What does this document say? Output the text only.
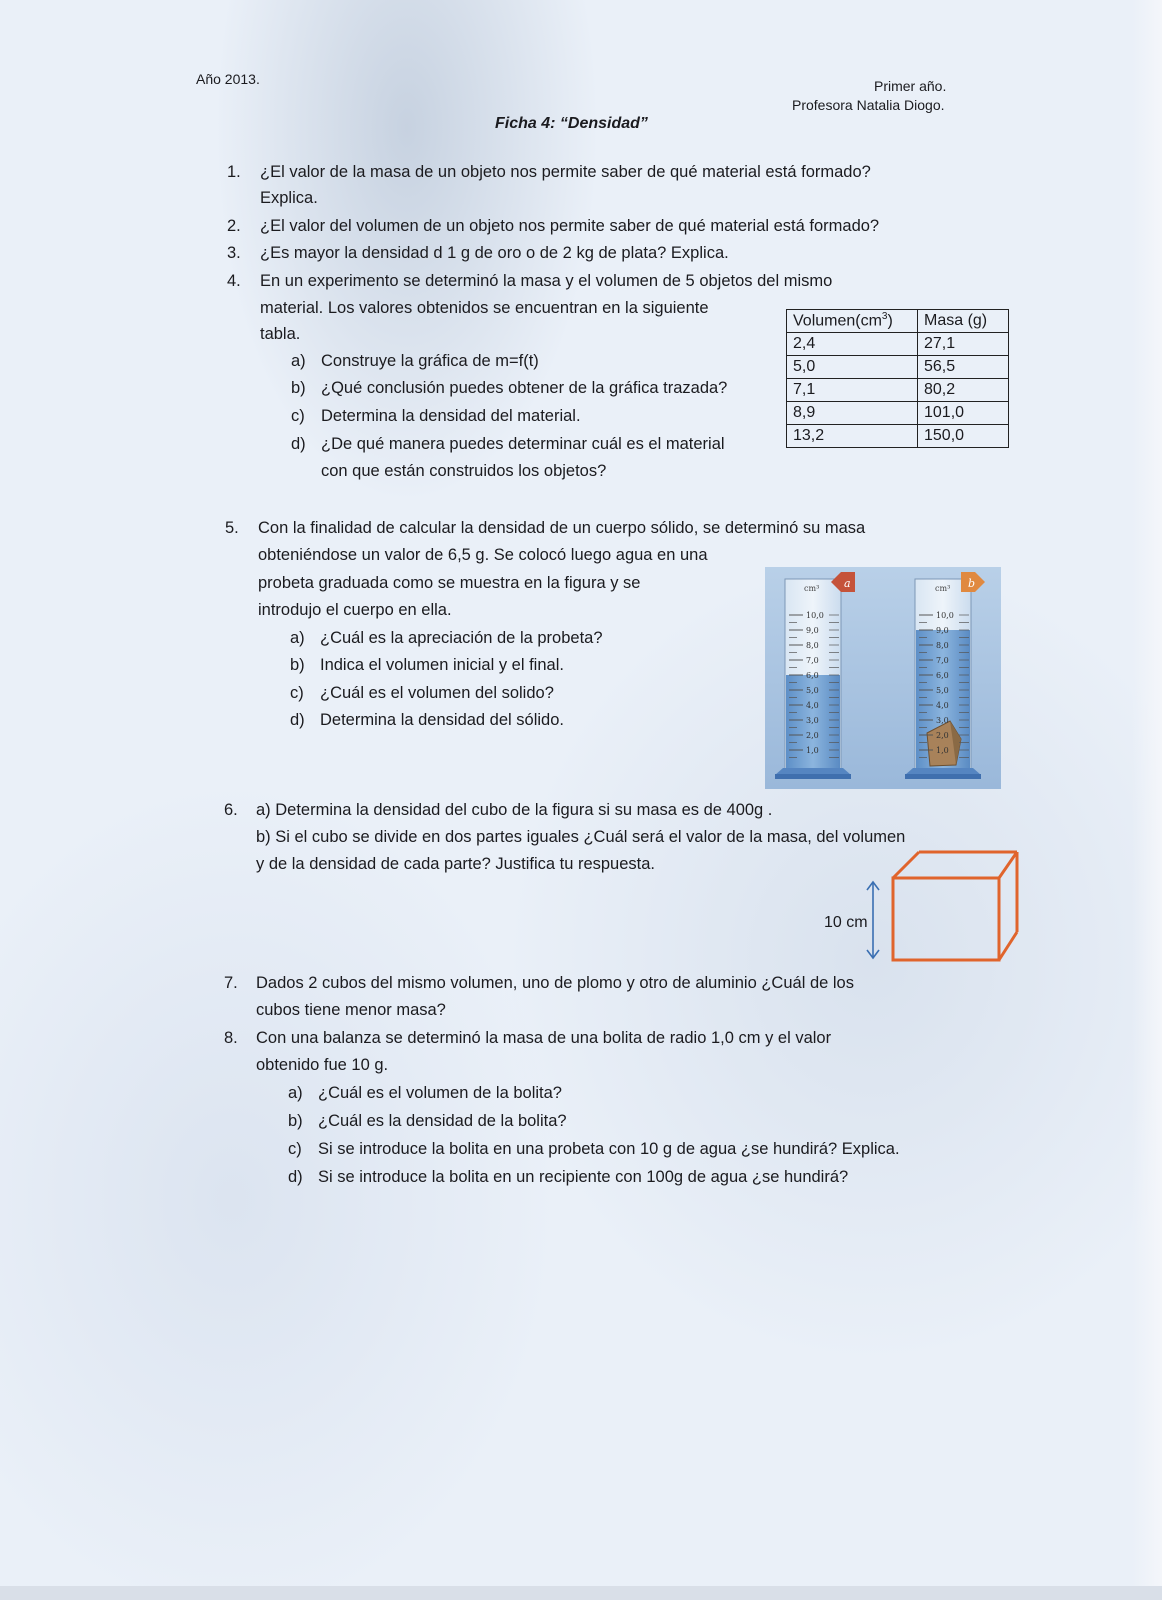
Año 2013.	Primer año.
Profesora Natalia Diogo.
Ficha 4: “Densidad”
1. ¿El valor de la masa de un objeto nos permite saber de qué material está formado?
Explica.
2. ¿El valor del volumen de un objeto nos permite saber de qué material está formado?
3. ¿Es mayor la densidad d 1 g de oro o de 2 kg de plata? Explica.
4. En un experimento se determinó la masa y el volumen de 5 objetos del mismo
material. Los valores obtenidos se encuentran en la siguiente
tabla.
a) Construye la gráfica de m=f(t)
b) ¿Qué conclusión puedes obtener de la gráfica trazada?
c) Determina la densidad del material.
d) ¿De qué manera puedes determinar cuál es el material
con que están construidos los objetos?
$Volumen(cm^3)$	Masa (g)
2,4	27,1
5,0	56,5
7,1	80,2
8,9	101,0
13,2	150,0
5. Con la finalidad de calcular la densidad de un cuerpo sólido, se determinó su masa
obteniéndose un valor de 6,5 g. Se colocó luego agua en una
probeta graduada como se muestra en la figura y se
introdujo el cuerpo en ella.
a) ¿Cuál es la apreciación de la probeta?
b) Indica el volumen inicial y el final.
c) ¿Cuál es el volumen del solido?
d) Determina la densidad del sólido.
10,0
9,0
8,0
7,0
6,0
5,0
4,0
3,0
2,0
1,0
10,0
9,0
8,0
7,0
6,0
5,0
4,0
3,0
2,0
1,0
cm³	cm³
a	b
6. a) Determina la densidad del cubo de la figura si su masa es de 400g .
b) Si el cubo se divide en dos partes iguales ¿Cuál será el valor de la masa, del volumen
y de la densidad de cada parte? Justifica tu respuesta.
10 cm
7. Dados 2 cubos del mismo volumen, uno de plomo y otro de aluminio ¿Cuál de los
cubos tiene menor masa?
8. Con una balanza se determinó la masa de una bolita de radio 1,0 cm y el valor
obtenido fue 10 g.
a) ¿Cuál es el volumen de la bolita?
b) ¿Cuál es la densidad de la bolita?
c) Si se introduce la bolita en una probeta con 10 g de agua ¿se hundirá? Explica.
d) Si se introduce la bolita en un recipiente con 100g de agua ¿se hundirá?
